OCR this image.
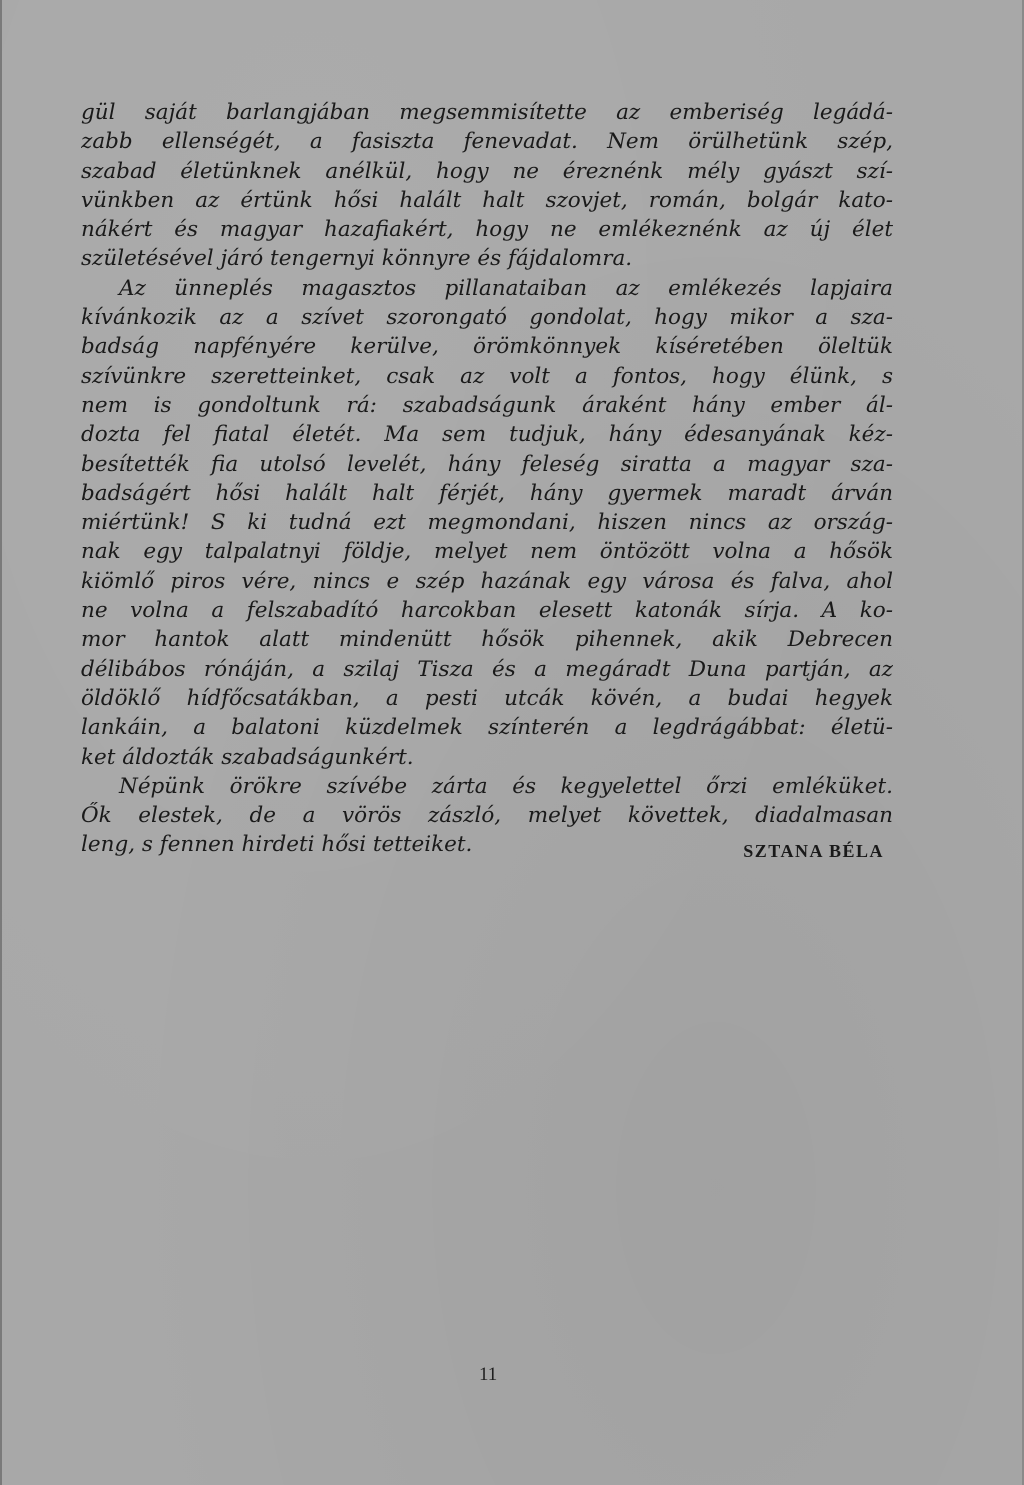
gül saját barlangjában megsemmisítette az emberiség legádá-
zabb ellenségét, a fasiszta fenevadat. Nem örülhetünk szép,
szabad életünknek anélkül, hogy ne éreznénk mély gyászt szí-
vünkben az értünk hősi halált halt szovjet, román, bolgár kato-
nákért és magyar hazafiakért, hogy ne emlékeznénk az új élet
születésével járó tengernyi könnyre és fájdalomra.
Az ünneplés magasztos pillanataiban az emlékezés lapjaira
kívánkozik az a szívet szorongató gondolat, hogy mikor a sza-
badság napfényére kerülve, örömkönnyek kíséretében öleltük
szívünkre szeretteinket, csak az volt a fontos, hogy élünk, s
nem is gondoltunk rá: szabadságunk áraként hány ember ál-
dozta fel fiatal életét. Ma sem tudjuk, hány édesanyának kéz-
besítették fia utolsó levelét, hány feleség siratta a magyar sza-
badságért hősi halált halt férjét, hány gyermek maradt árván
miértünk! S ki tudná ezt megmondani, hiszen nincs az ország-
nak egy talpalatnyi földje, melyet nem öntözött volna a hősök
kiömlő piros vére, nincs e szép hazának egy városa és falva, ahol
ne volna a felszabadító harcokban elesett katonák sírja. A ko-
mor hantok alatt mindenütt hősök pihennek, akik Debrecen
délibábos rónáján, a szilaj Tisza és a megáradt Duna partján, az
öldöklő hídfőcsatákban, a pesti utcák kövén, a budai hegyek
lankáin, a balatoni küzdelmek színterén a legdrágábbat: életü-
ket áldozták szabadságunkért.
Népünk örökre szívébe zárta és kegyelettel őrzi emléküket.
Ők elestek, de a vörös zászló, melyet követtek, diadalmasan
leng, s fennen hirdeti hősi tetteiket.	SZTANA BÉLA
11
